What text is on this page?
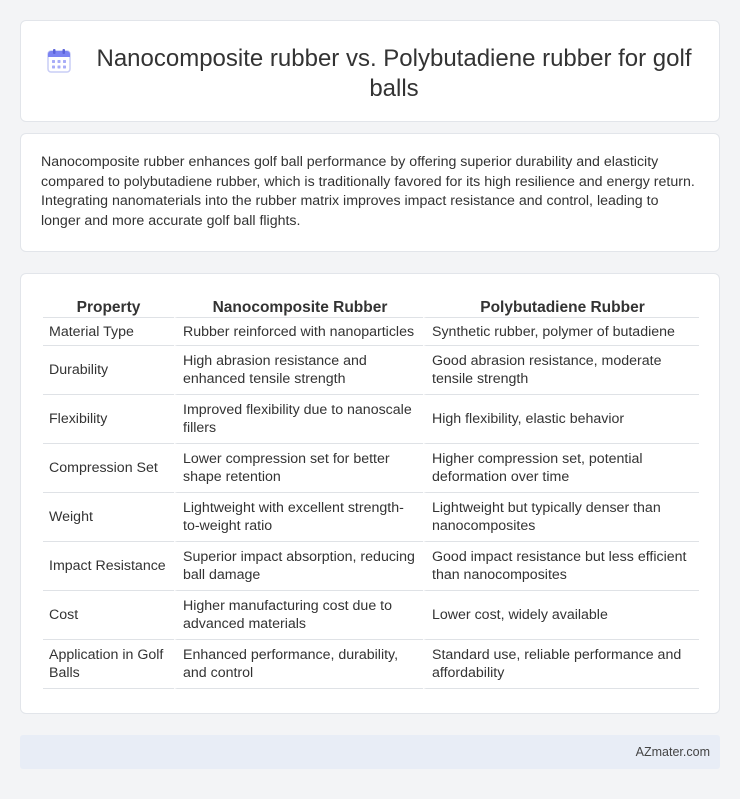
Nanocomposite rubber vs. Polybutadiene rubber for golf balls

Nanocomposite rubber enhances golf ball performance by offering superior durability and elasticity compared to polybutadiene rubber, which is traditionally favored for its high resilience and energy return. Integrating nanomaterials into the rubber matrix improves impact resistance and control, leading to longer and more accurate golf ball flights.

Property	Nanocomposite Rubber	Polybutadiene Rubber
Material Type	Rubber reinforced with nanoparticles	Synthetic rubber, polymer of butadiene
Durability	High abrasion resistance and enhanced tensile strength	Good abrasion resistance, moderate tensile strength
Flexibility	Improved flexibility due to nanoscale fillers	High flexibility, elastic behavior
Compression Set	Lower compression set for better shape retention	Higher compression set, potential deformation over time
Weight	Lightweight with excellent strength-to-weight ratio	Lightweight but typically denser than nanocomposites
Impact Resistance	Superior impact absorption, reducing ball damage	Good impact resistance but less efficient than nanocomposites
Cost	Higher manufacturing cost due to advanced materials	Lower cost, widely available
Application in Golf Balls	Enhanced performance, durability, and control	Standard use, reliable performance and affordability
AZmater.com
